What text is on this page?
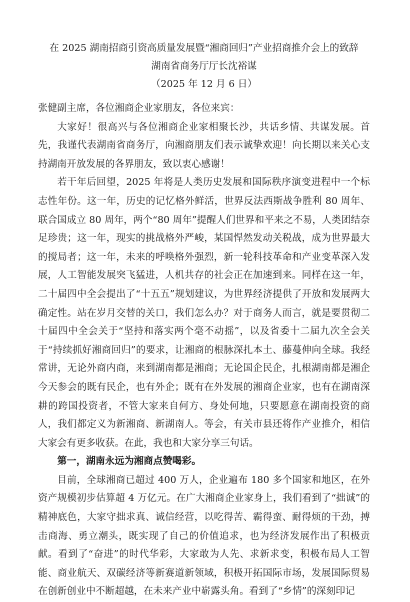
在 2025 湖南招商引资高质量发展暨“湘商回归”产业招商推介会上的致辞

湖南省商务厅厅长沈裕谋

（2025 年 12 月 6 日）

张健副主席，各位湘商企业家朋友，各位来宾：

大家好！很高兴与各位湘商企业家相聚长沙，共话乡情、共谋发展。首先，我谨代表湖南省商务厅，向湘商朋友们表示诚挚欢迎！向长期以来关心支持湖南开放发展的各界朋友，致以衷心感谢！

若干年后回望，2025 年将是人类历史发展和国际秩序演变进程中一个标志性年份。这一年，历史的记忆格外鲜活，世界反法西斯战争胜利 80 周年、联合国成立 80 周年，两个“80 周年”提醒人们世界和平来之不易，人类团结奈足珍贵；这一年，现实的挑战格外严峻，某国悍然发动关税战，成为世界最大的搅局者；这一年，未来的呼唤格外强烈，新一轮科技革命和产业变革深入发展，人工智能发展突飞猛进，人机共存的社会正在加速到来。同样在这一年，二十届四中全会提出了“十五五”规划建议，为世界经济提供了开放和发展两大确定性。站在岁月交替的关口，我们怎么办？对于商务人而言，就是要贯彻二十届四中全会关于“坚持和落实两个毫不动摇”，以及省委十二届九次全会关于“持续抓好湘商回归”的要求，让湘商的根脉深扎本土、藤蔓伸向全球。我经常讲，无论外商内商，来到湖南都是湘商；无论国企民企，扎根湖南都是湘企今天参会的既有民企，也有外企；既有在外发展的湘商企业家，也有在湖南深耕的跨国投资者，不管大家来自何方、身处何地，只要愿意在湖南投资的商人，我们都定义为新湘商、新湖南人。等会，有关市县还将作产业推介，相信大家会有更多收获。在此，我也和大家分享三句话。

第一，湖南永远为湘商点赞喝彩。

目前，全球湘商已超过 400 万人，企业遍布 180 多个国家和地区，在外资产规模初步估算超 4 万亿元。在广大湘商企业家身上，我们看到了“拙诚”的精神底色，大家守拙求真、诚信经营，以吃得苦、霸得蛮、耐得烦的干劲，搏击商海、勇立潮头，既实现了自己的价值追求，也为经济发展作出了积极贡献。看到了“奋进”的时代华彩，大家敢为人先、求新求变，积极布局人工智能、商业航天、双碳经济等新赛道新领域，积极开拓国际市场，发展国际贸易在创新创业中不断超越，在未来产业中崭露头角。看到了“乡情”的深刻印记
